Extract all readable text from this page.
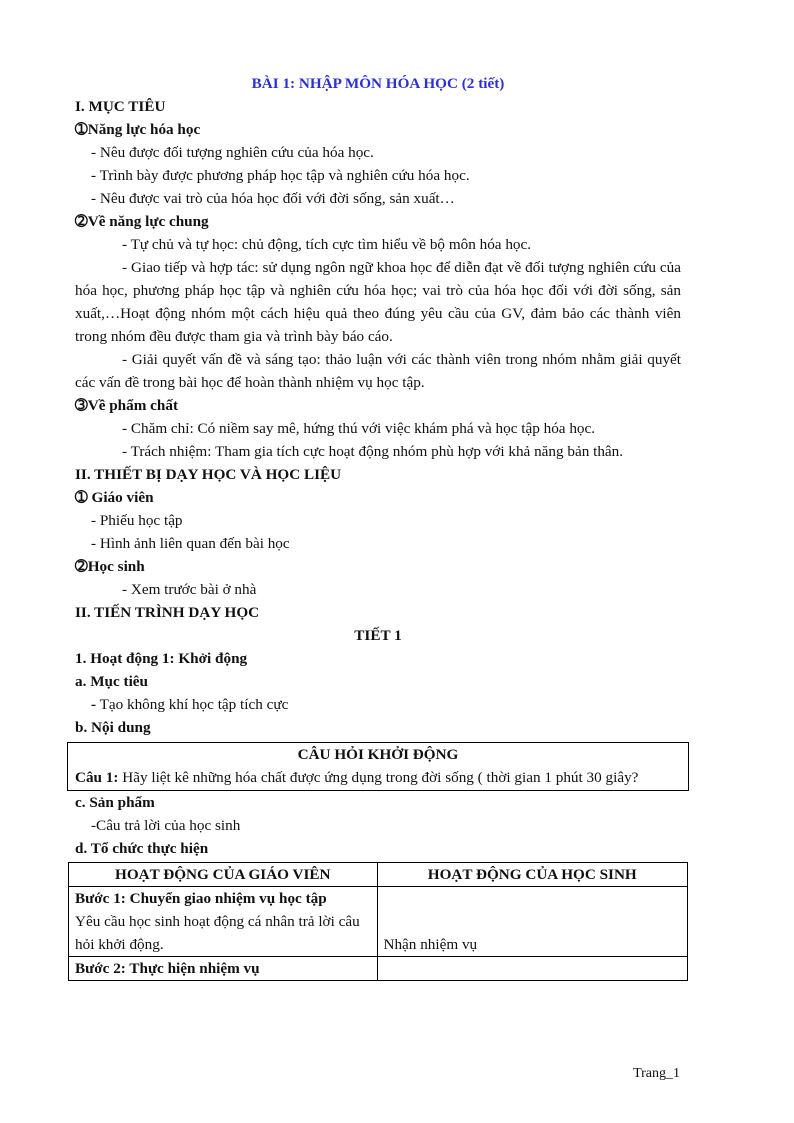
BÀI 1: NHẬP MÔN HÓA HỌC (2 tiết)
I. MỤC TIÊU
➀Năng lực hóa học
- Nêu được đối tượng nghiên cứu của hóa học.
- Trình bày được phương pháp học tập và nghiên cứu hóa học.
- Nêu được vai trò của hóa học đối với đời sống, sản xuất…
➁Về năng lực chung
- Tự chủ và tự học: chủ động, tích cực tìm hiểu về bộ môn hóa học.
- Giao tiếp và hợp tác: sử dụng ngôn ngữ khoa học để diễn đạt về đối tượng nghiên cứu của hóa học, phương pháp học tập và nghiên cứu hóa học; vai trò của hóa học đối với đời sống, sản xuất,…Hoạt động nhóm một cách hiệu quả theo đúng yêu cầu của GV, đảm bảo các thành viên trong nhóm đều được tham gia và trình bày báo cáo.
- Giải quyết vấn đề và sáng tạo: thảo luận với các thành viên trong nhóm nhằm giải quyết các vấn đề trong bài học để hoàn thành nhiệm vụ học tập.
➂Về phẩm chất
- Chăm chỉ: Có niềm say mê, hứng thú với việc khám phá và học tập hóa học.
- Trách nhiệm: Tham gia tích cực hoạt động nhóm phù hợp với khả năng bản thân.
II. THIẾT BỊ DẠY HỌC VÀ HỌC LIỆU
➀ Giáo viên
- Phiếu học tập
- Hình ảnh liên quan đến bài học
➁Học sinh
- Xem trước bài ở nhà
II. TIẾN TRÌNH DẠY HỌC
TIẾT 1
1. Hoạt động 1: Khởi động
a. Mục tiêu
- Tạo không khí học tập tích cực
b. Nội dung
CÂU HỎI KHỞI ĐỘNG
Câu 1: Hãy liệt kê những hóa chất được ứng dụng trong đời sống ( thời gian 1 phút 30 giây?
c. Sản phẩm
-Câu trả lời của học sinh
d. Tổ chức thực hiện
HOẠT ĐỘNG CỦA GIÁO VIÊN	HOẠT ĐỘNG CỦA HỌC SINH

Bước 1: Chuyển giao nhiệm vụ học tập
Yêu cầu học sinh hoạt động cá nhân trả lời câu hỏi khởi động.	Nhận nhiệm vụ

Bước 2: Thực hiện nhiệm vụ	

Trang_1
